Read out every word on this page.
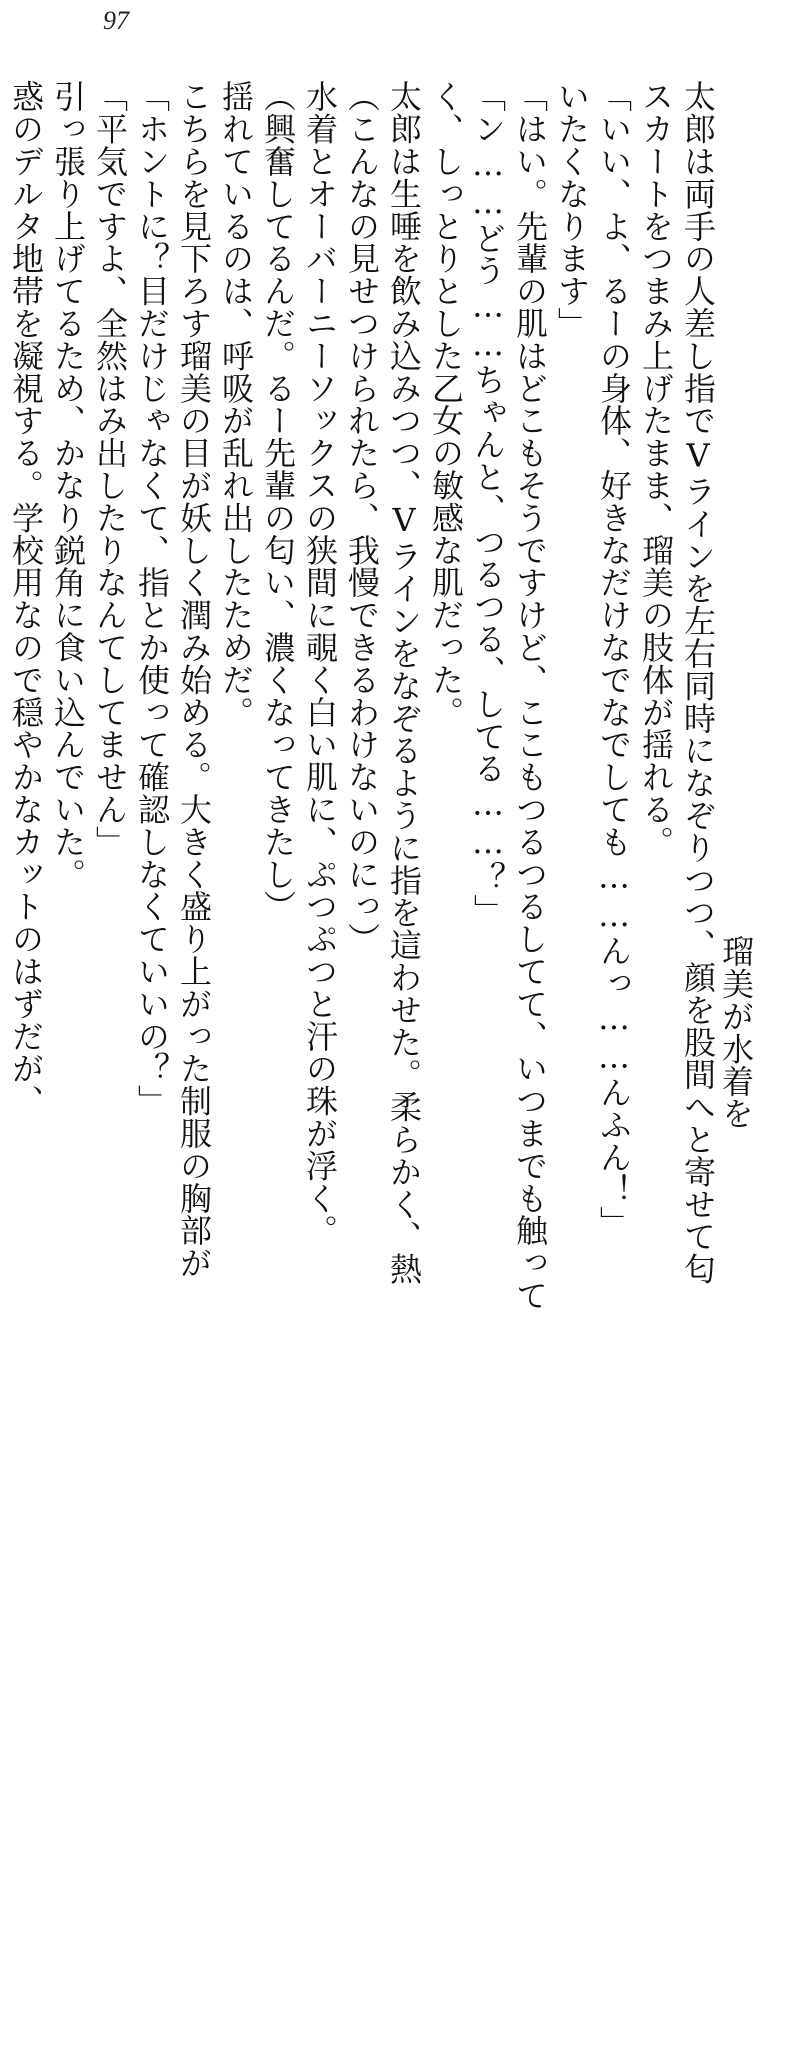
97
瑠美が水着を
太郎は両手の人差し指でVラインを左右同時になぞりつつ、顔を股間へと寄せて匂
スカートをつまみ上げたまま、瑠美の肢体が揺れる。
「いい、よ、るーの身体、好きなだけなでなでしても……んっ……んふん！」
いたくなります」
「はい。先輩の肌はどこもそうですけど、ここもつるつるしてて、いつまでも触って
「ン……どう……ちゃんと、つるつる、してる……？」
く、しっとりとした乙女の敏感な肌だった。
太郎は生唾を飲み込みつつ、Vラインをなぞるように指を這わせた。柔らかく、熱
（こんなの見せつけられたら、我慢できるわけないのにっ）
水着とオーバーニーソックスの狭間に覗く白い肌に、ぷつぷつと汗の珠が浮く。
（興奮してるんだ。るー先輩の匂い、濃くなってきたし）
揺れているのは、呼吸が乱れ出したためだ。
こちらを見下ろす瑠美の目が妖しく潤み始める。大きく盛り上がった制服の胸部が
「ホントに？目だけじゃなくて、指とか使って確認しなくていいの？」
「平気ですよ、全然はみ出したりなんてしてません」
引っ張り上げてるため、かなり鋭角に食い込んでいた。
惑のデルタ地帯を凝視する。学校用なので穏やかなカットのはずだが、
